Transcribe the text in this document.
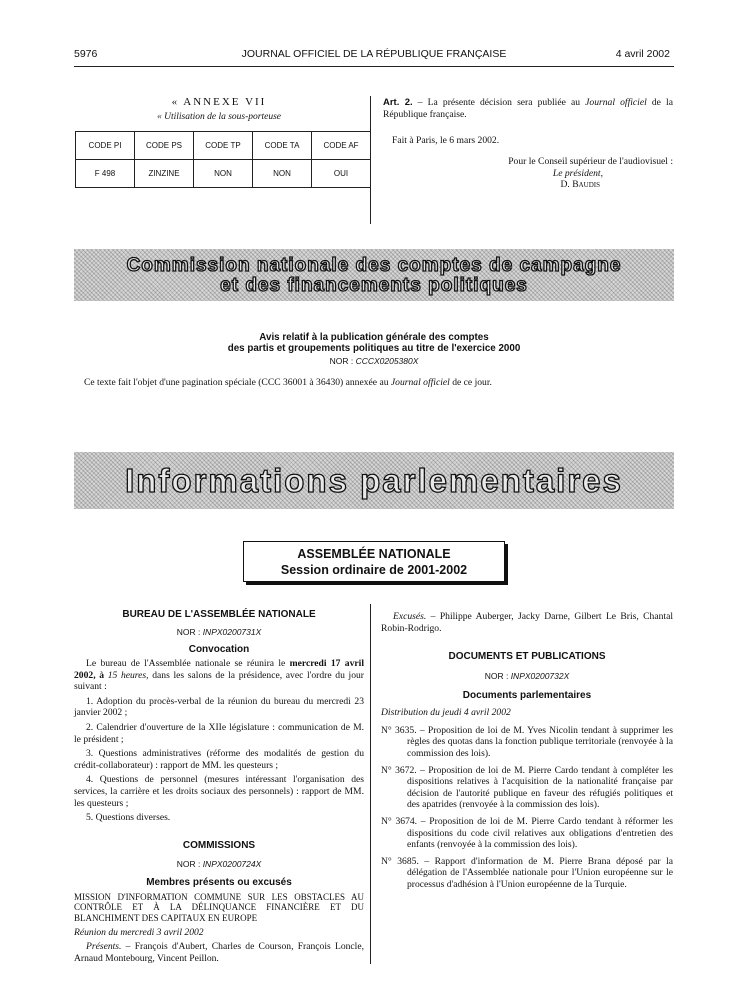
5976	JOURNAL OFFICIEL DE LA RÉPUBLIQUE FRANÇAISE	4 avril 2002
« ANNEXE VII
« Utilisation de la sous-porteuse
CODE PI	CODE PS	CODE TP	CODE TA	CODE AF
F 498	ZINZINE	NON	NON	OUI
Art. 2. – La présente décision sera publiée au Journal officiel de la République française.
Fait à Paris, le 6 mars 2002.
Pour le Conseil supérieur de l'audiovisuel :
Le président,
D. Baudis
Commission nationale des comptes de campagne
et des financements politiques
Avis relatif à la publication générale des comptes
des partis et groupements politiques au titre de l'exercice 2000
NOR : CCCX0205380X
Ce texte fait l'objet d'une pagination spéciale (CCC 36001 à 36430) annexée au Journal officiel de ce jour.
Informations parlementaires
ASSEMBLÉE NATIONALE
Session ordinaire de 2001-2002
BUREAU DE L'ASSEMBLÉE NATIONALE
NOR : INPX0200731X
Convocation
Le bureau de l'Assemblée nationale se réunira le mercredi 17 avril 2002, à 15 heures, dans les salons de la présidence, avec l'ordre du jour suivant :
1. Adoption du procès-verbal de la réunion du bureau du mercredi 23 janvier 2002 ;
2. Calendrier d'ouverture de la XIIe législature : communication de M. le président ;
3. Questions administratives (réforme des modalités de gestion du crédit-collaborateur) : rapport de MM. les questeurs ;
4. Questions de personnel (mesures intéressant l'organisation des services, la carrière et les droits sociaux des personnels) : rapport de MM. les questeurs ;
5. Questions diverses.
COMMISSIONS
NOR : INPX0200724X
Membres présents ou excusés
MISSION D'INFORMATION COMMUNE SUR LES OBSTACLES AU CONTRÔLE ET À LA DÉLINQUANCE FINANCIÈRE ET DU BLANCHIMENT DES CAPITAUX EN EUROPE
Réunion du mercredi 3 avril 2002
Présents. – François d'Aubert, Charles de Courson, François Loncle, Arnaud Montebourg, Vincent Peillon.
Excusés. – Philippe Auberger, Jacky Darne, Gilbert Le Bris, Chantal Robin-Rodrigo.
DOCUMENTS ET PUBLICATIONS
NOR : INPX0200732X
Documents parlementaires
Distribution du jeudi 4 avril 2002
N° 3635. – Proposition de loi de M. Yves Nicolin tendant à supprimer les règles des quotas dans la fonction publique territoriale (renvoyée à la commission des lois).
N° 3672. – Proposition de loi de M. Pierre Cardo tendant à compléter les dispositions relatives à l'acquisition de la nationalité française par décision de l'autorité publique en faveur des réfugiés politiques et des apatrides (renvoyée à la commission des lois).
N° 3674. – Proposition de loi de M. Pierre Cardo tendant à réformer les dispositions du code civil relatives aux obligations d'entretien des enfants (renvoyée à la commission des lois).
N° 3685. – Rapport d'information de M. Pierre Brana déposé par la délégation de l'Assemblée nationale pour l'Union européenne sur le processus d'adhésion à l'Union européenne de la Turquie.
